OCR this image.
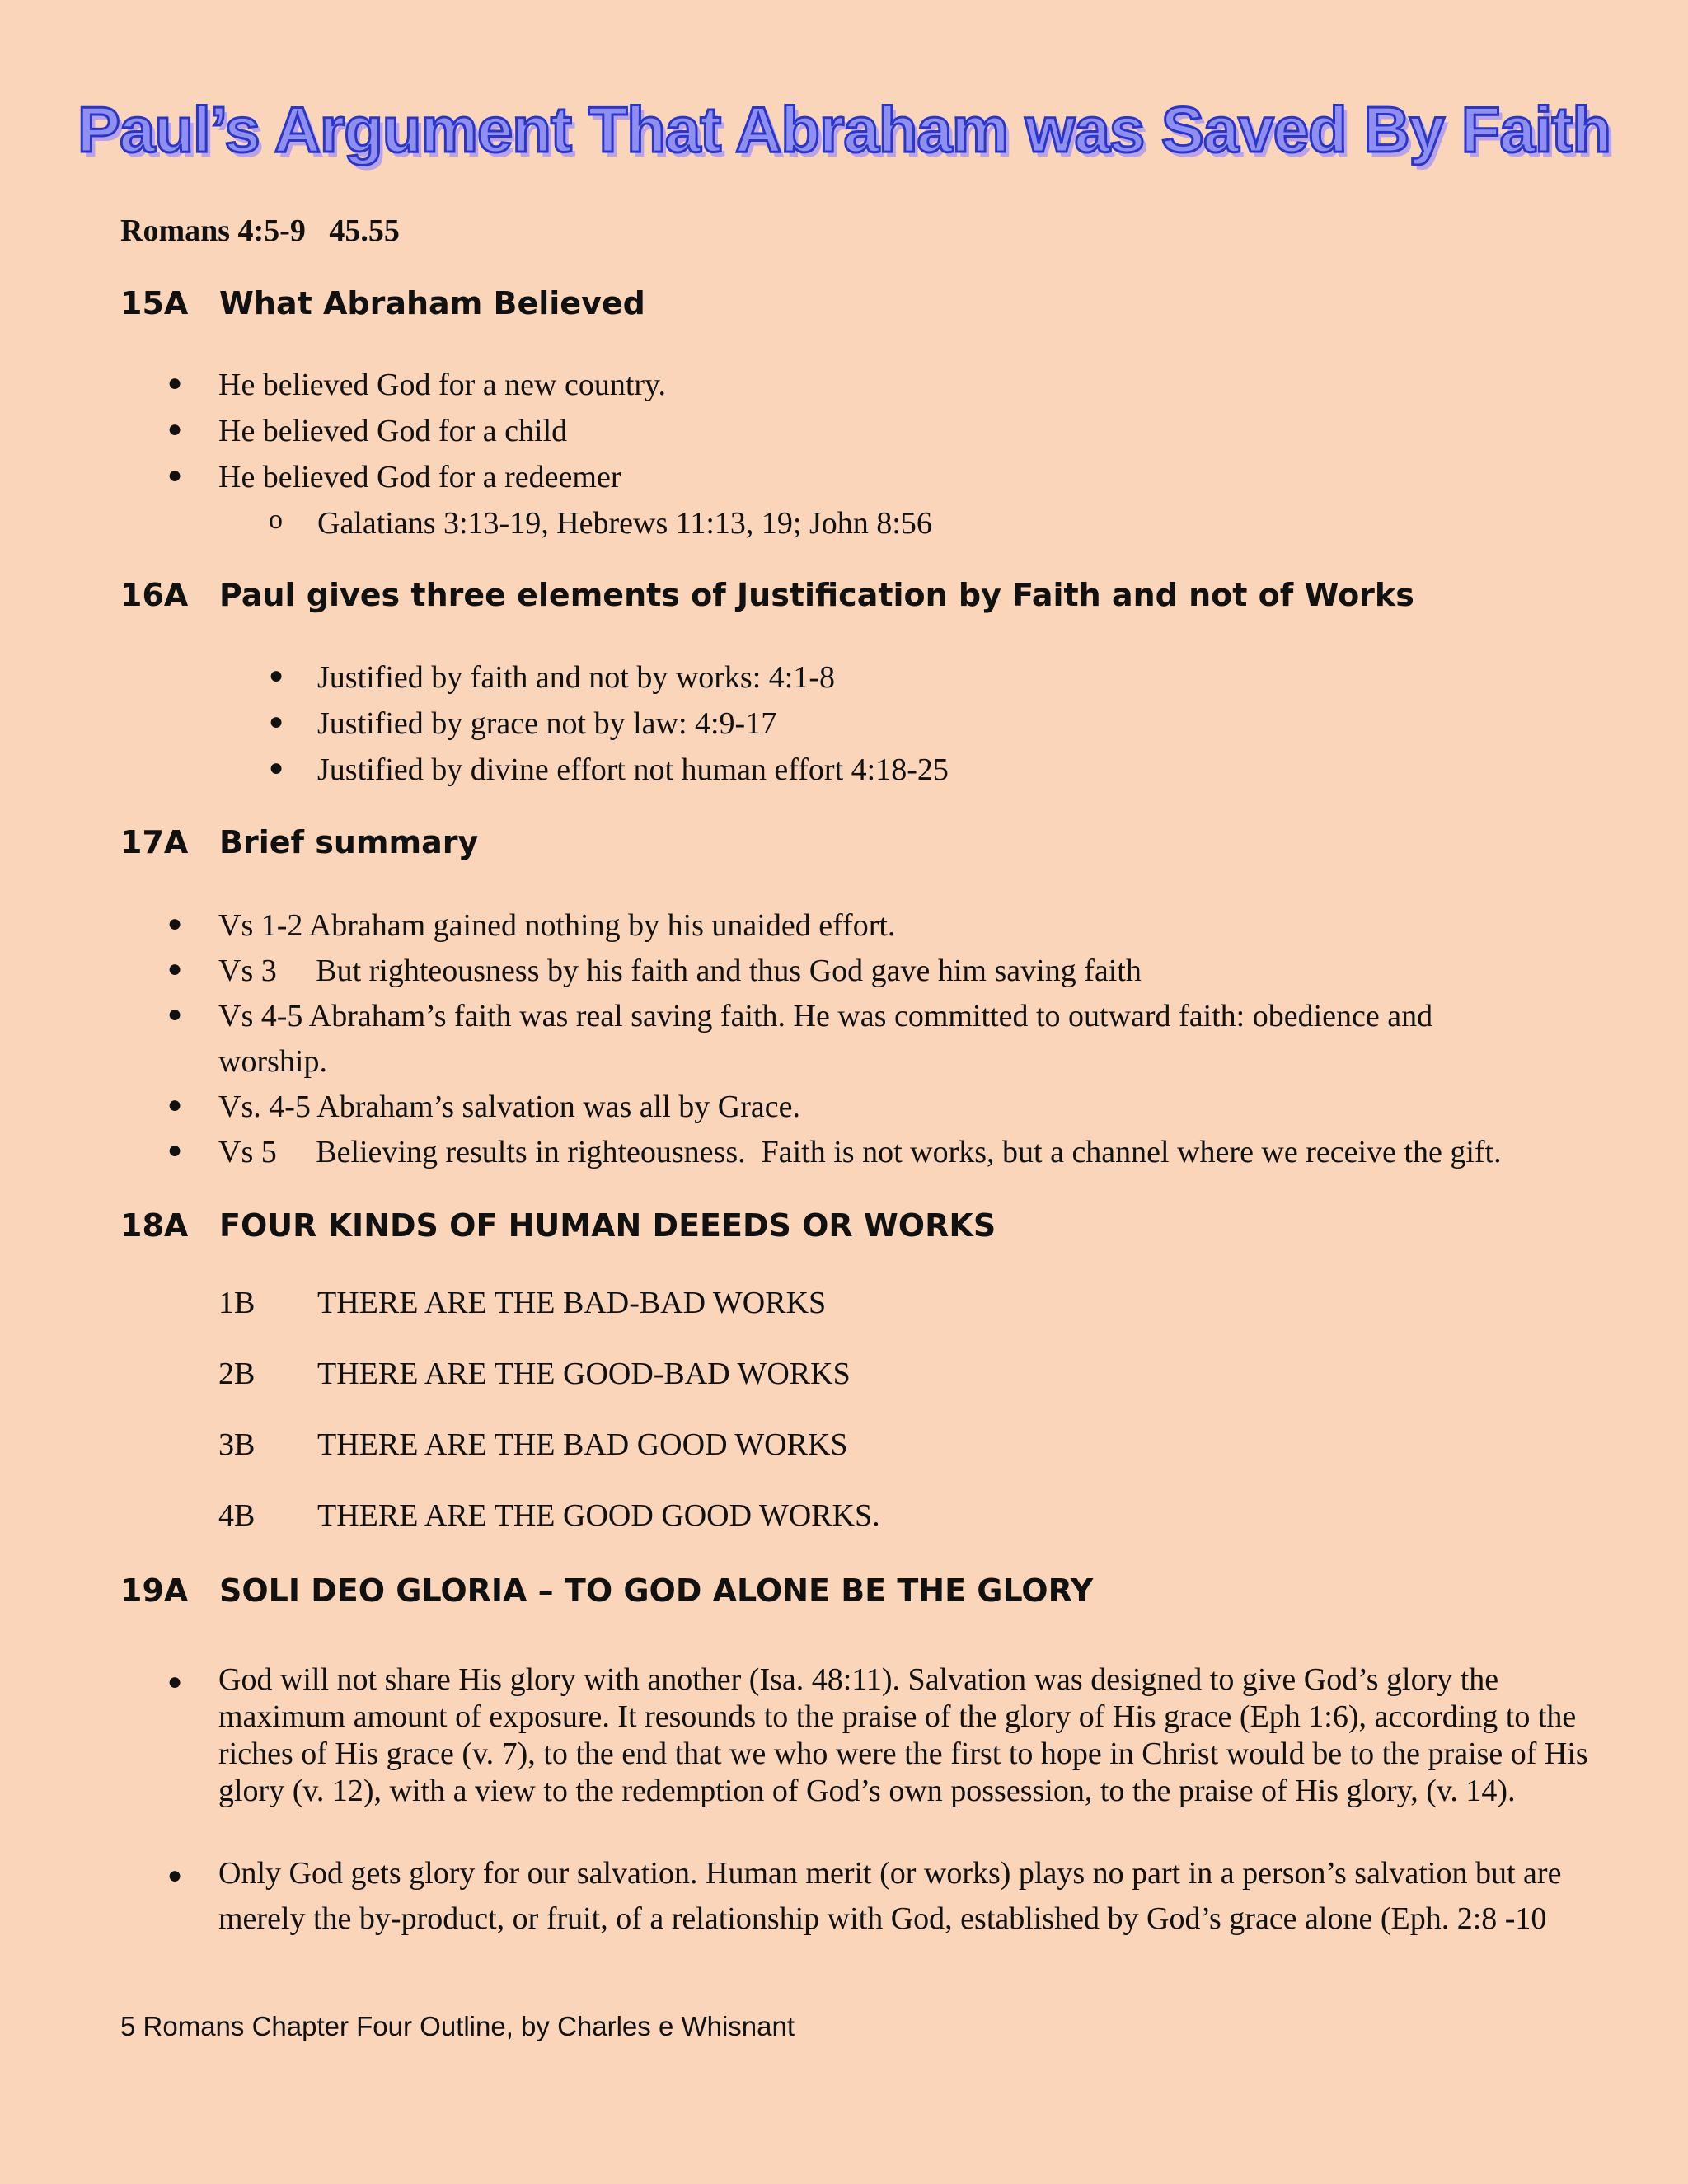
Paul’s Argument That Abraham was Saved By Faith
Romans 4:5-9   45.55
15A What Abraham Believed
● He believed God for a new country.
● He believed God for a child
● He believed God for a redeemer
o Galatians 3:13-19, Hebrews 11:13, 19; John 8:56
16A Paul gives three elements of Justification by Faith and not of Works
● Justified by faith and not by works: 4:1-8
● Justified by grace not by law: 4:9-17
● Justified by divine effort not human effort 4:18-25
17A Brief summary
● Vs 1-2 Abraham gained nothing by his unaided effort.
● Vs 3     But righteousness by his faith and thus God gave him saving faith
● Vs 4-5 Abraham’s faith was real saving faith. He was committed to outward faith: obedience and
worship.
● Vs. 4-5 Abraham’s salvation was all by Grace.
● Vs 5     Believing results in righteousness.  Faith is not works, but a channel where we receive the gift.
18A FOUR KINDS OF HUMAN DEEEDS OR WORKS
1B THERE ARE THE BAD-BAD WORKS
2B THERE ARE THE GOOD-BAD WORKS
3B THERE ARE THE BAD GOOD WORKS
4B THERE ARE THE GOOD GOOD WORKS.
19A SOLI DEO GLORIA – TO GOD ALONE BE THE GLORY
● God will not share His glory with another (Isa. 48:11). Salvation was designed to give God’s glory the maximum amount of exposure. It resounds to the praise of the glory of His grace (Eph 1:6), according to the riches of His grace (v. 7), to the end that we who were the first to hope in Christ would be to the praise of His glory (v. 12), with a view to the redemption of God’s own possession, to the praise of His glory, (v. 14).
● Only God gets glory for our salvation. Human merit (or works) plays no part in a person’s salvation but are merely the by-product, or fruit, of a relationship with God, established by God’s grace alone (Eph. 2:8 -10
5 Romans Chapter Four Outline, by Charles e Whisnant
